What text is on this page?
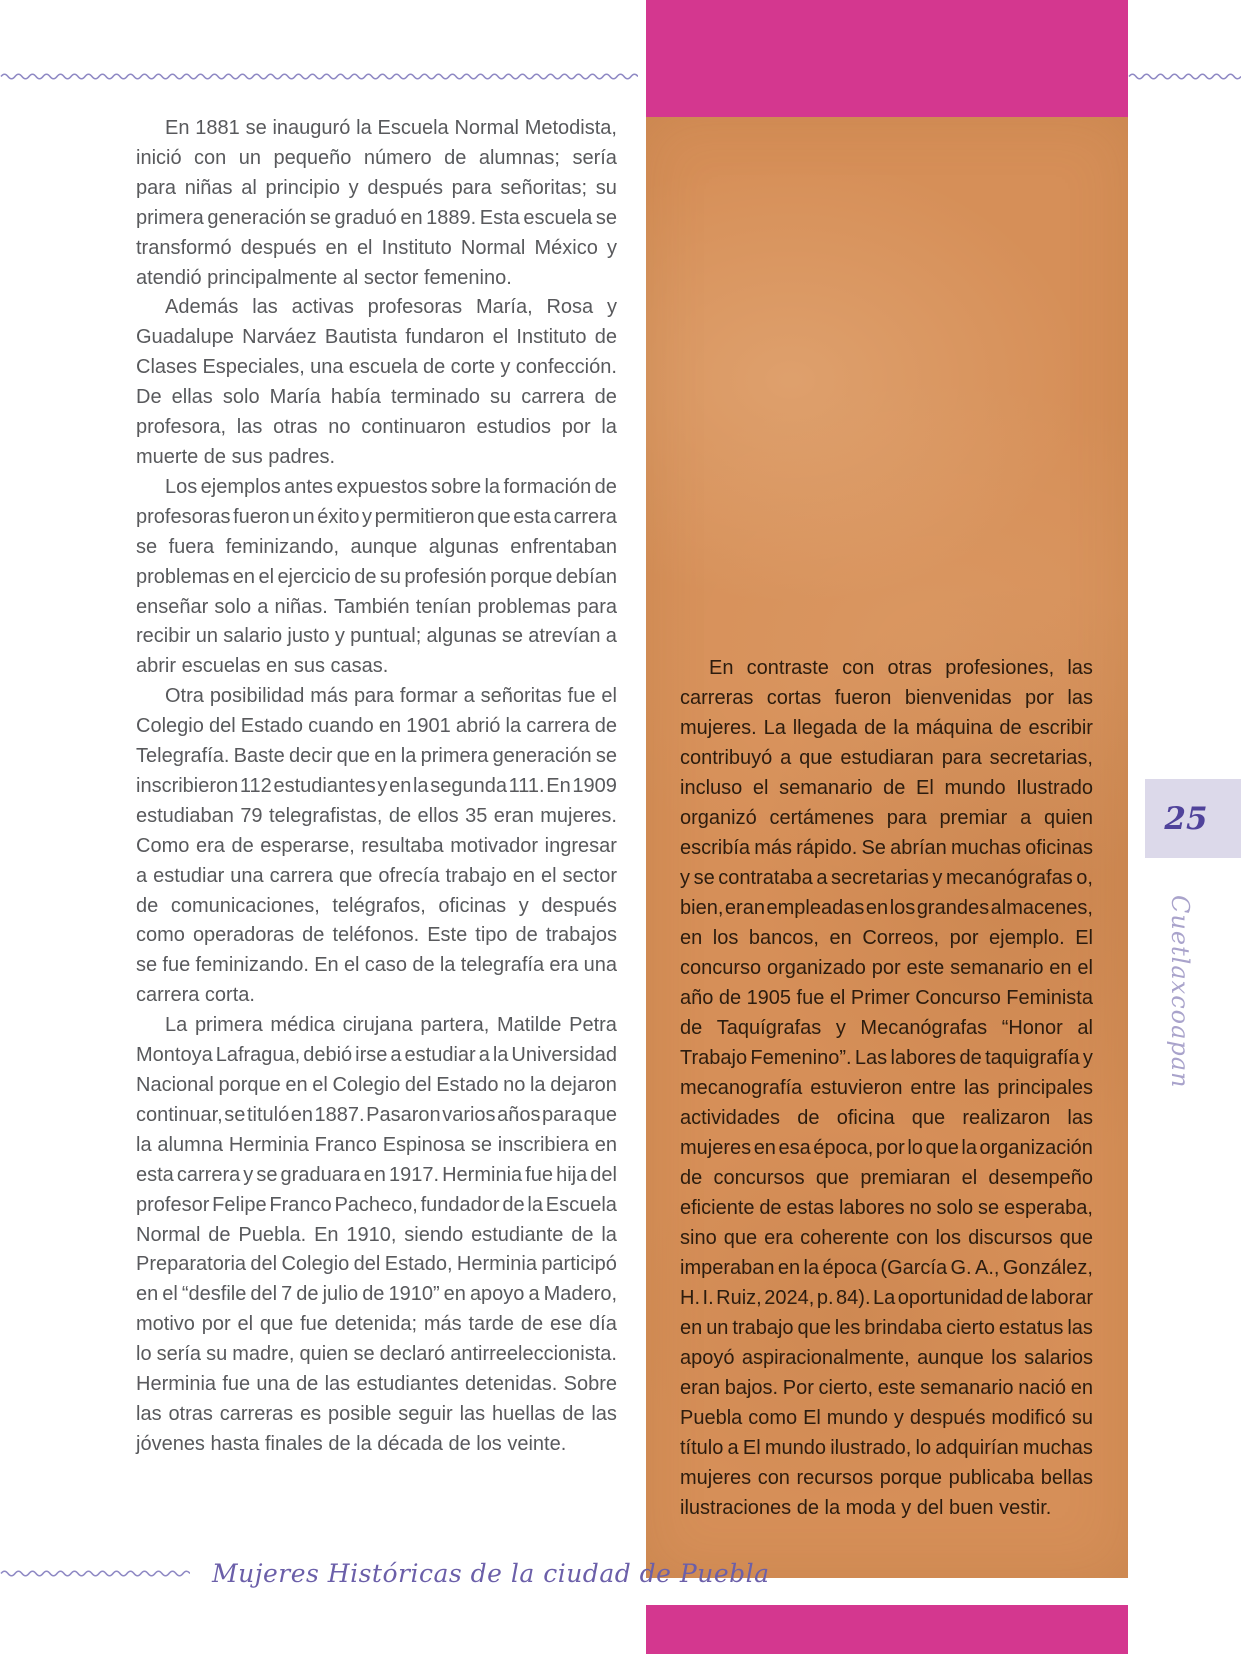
En 1881 se inauguró la Escuela Normal Metodista,
inició con un pequeño número de alumnas; sería
para niñas al principio y después para señoritas; su
primera generación se graduó en 1889. Esta escuela se
transformó después en el Instituto Normal México y
atendió principalmente al sector femenino.
Además las activas profesoras María, Rosa y
Guadalupe Narváez Bautista fundaron el Instituto de
Clases Especiales, una escuela de corte y confección.
De ellas solo María había terminado su carrera de
profesora, las otras no continuaron estudios por la
muerte de sus padres.
Los ejemplos antes expuestos sobre la formación de
profesoras fueron un éxito y permitieron que esta carrera
se fuera feminizando, aunque algunas enfrentaban
problemas en el ejercicio de su profesión porque debían
enseñar solo a niñas. También tenían problemas para
recibir un salario justo y puntual; algunas se atrevían a
abrir escuelas en sus casas.
Otra posibilidad más para formar a señoritas fue el
Colegio del Estado cuando en 1901 abrió la carrera de
Telegrafía. Baste decir que en la primera generación se
inscribieron 112 estudiantes y en la segunda 111. En 1909
estudiaban 79 telegrafistas, de ellos 35 eran mujeres.
Como era de esperarse, resultaba motivador ingresar
a estudiar una carrera que ofrecía trabajo en el sector
de comunicaciones, telégrafos, oficinas y después
como operadoras de teléfonos. Este tipo de trabajos
se fue feminizando. En el caso de la telegrafía era una
carrera corta.
La primera médica cirujana partera, Matilde Petra
Montoya Lafragua, debió irse a estudiar a la Universidad
Nacional porque en el Colegio del Estado no la dejaron
continuar, se tituló en 1887. Pasaron varios años para que
la alumna Herminia Franco Espinosa se inscribiera en
esta carrera y se graduara en 1917. Herminia fue hija del
profesor Felipe Franco Pacheco, fundador de la Escuela
Normal de Puebla. En 1910, siendo estudiante de la
Preparatoria del Colegio del Estado, Herminia participó
en el “desfile del 7 de julio de 1910” en apoyo a Madero,
motivo por el que fue detenida; más tarde de ese día
lo sería su madre, quien se declaró antirreeleccionista.
Herminia fue una de las estudiantes detenidas. Sobre
las otras carreras es posible seguir las huellas de las
jóvenes hasta finales de la década de los veinte.
En contraste con otras profesiones, las
carreras cortas fueron bienvenidas por las
mujeres. La llegada de la máquina de escribir
contribuyó a que estudiaran para secretarias,
incluso el semanario de El mundo Ilustrado
organizó certámenes para premiar a quien
escribía más rápido. Se abrían muchas oficinas
y se contrataba a secretarias y mecanógrafas o,
bien, eran empleadas en los grandes almacenes,
en los bancos, en Correos, por ejemplo. El
concurso organizado por este semanario en el
año de 1905 fue el Primer Concurso Feminista
de Taquígrafas y Mecanógrafas “Honor al
Trabajo Femenino”. Las labores de taquigrafía y
mecanografía estuvieron entre las principales
actividades de oficina que realizaron las
mujeres en esa época, por lo que la organización
de concursos que premiaran el desempeño
eficiente de estas labores no solo se esperaba,
sino que era coherente con los discursos que
imperaban en la época (García G. A., González,
H. I. Ruiz, 2024, p. 84). La oportunidad de laborar
en un trabajo que les brindaba cierto estatus las
apoyó aspiracionalmente, aunque los salarios
eran bajos. Por cierto, este semanario nació en
Puebla como El mundo y después modificó su
título a El mundo ilustrado, lo adquirían muchas
mujeres con recursos porque publicaba bellas
ilustraciones de la moda y del buen vestir.
25
Cuetlaxcoapan
Mujeres Históricas de la ciudad de Puebla
